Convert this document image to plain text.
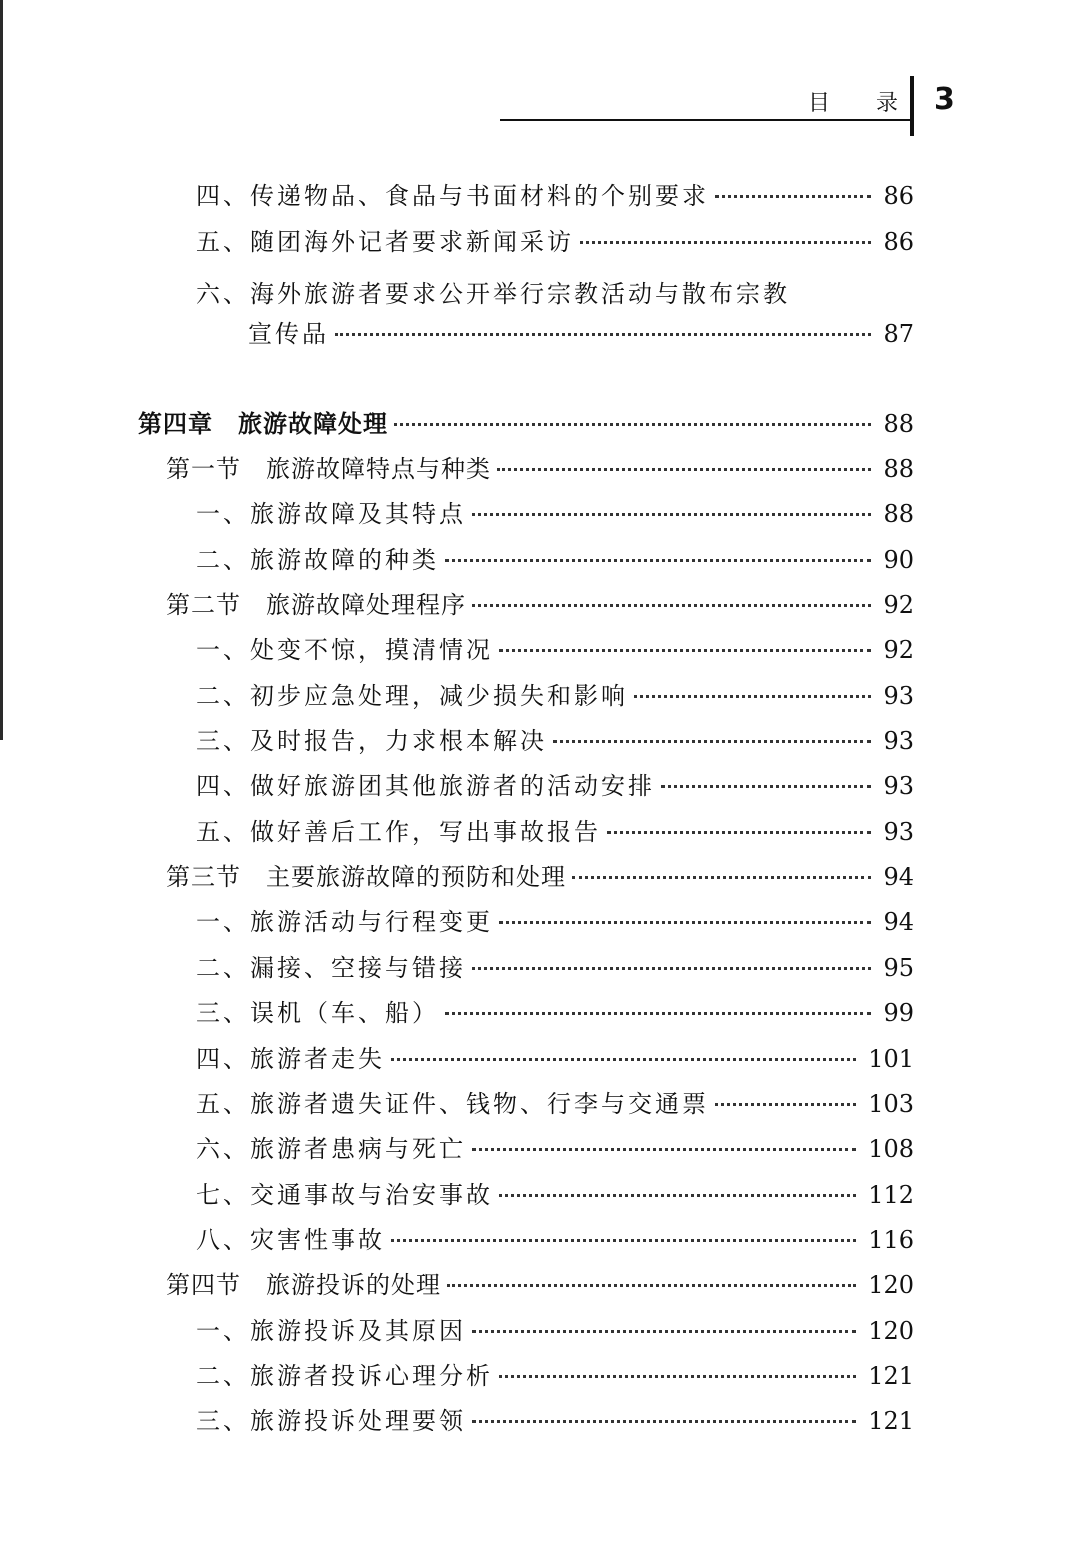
目 录 3
四、传递物品、食品与书面材料的个别要求	86
五、随团海外记者要求新闻采访	86
六、海外旅游者要求公开举行宗教活动与散布宗教
宣传品	87
第四章　旅游故障处理	88
第一节　旅游故障特点与种类	88
一、旅游故障及其特点	88
二、旅游故障的种类	90
第二节　旅游故障处理程序	92
一、处变不惊，摸清情况	92
二、初步应急处理，减少损失和影响	93
三、及时报告，力求根本解决	93
四、做好旅游团其他旅游者的活动安排	93
五、做好善后工作，写出事故报告	93
第三节　主要旅游故障的预防和处理	94
一、旅游活动与行程变更	94
二、漏接、空接与错接	95
三、误机（车、船）	99
四、旅游者走失	101
五、旅游者遗失证件、钱物、行李与交通票	103
六、旅游者患病与死亡	108
七、交通事故与治安事故	112
八、灾害性事故	116
第四节　旅游投诉的处理	120
一、旅游投诉及其原因	120
二、旅游者投诉心理分析	121
三、旅游投诉处理要领	121
